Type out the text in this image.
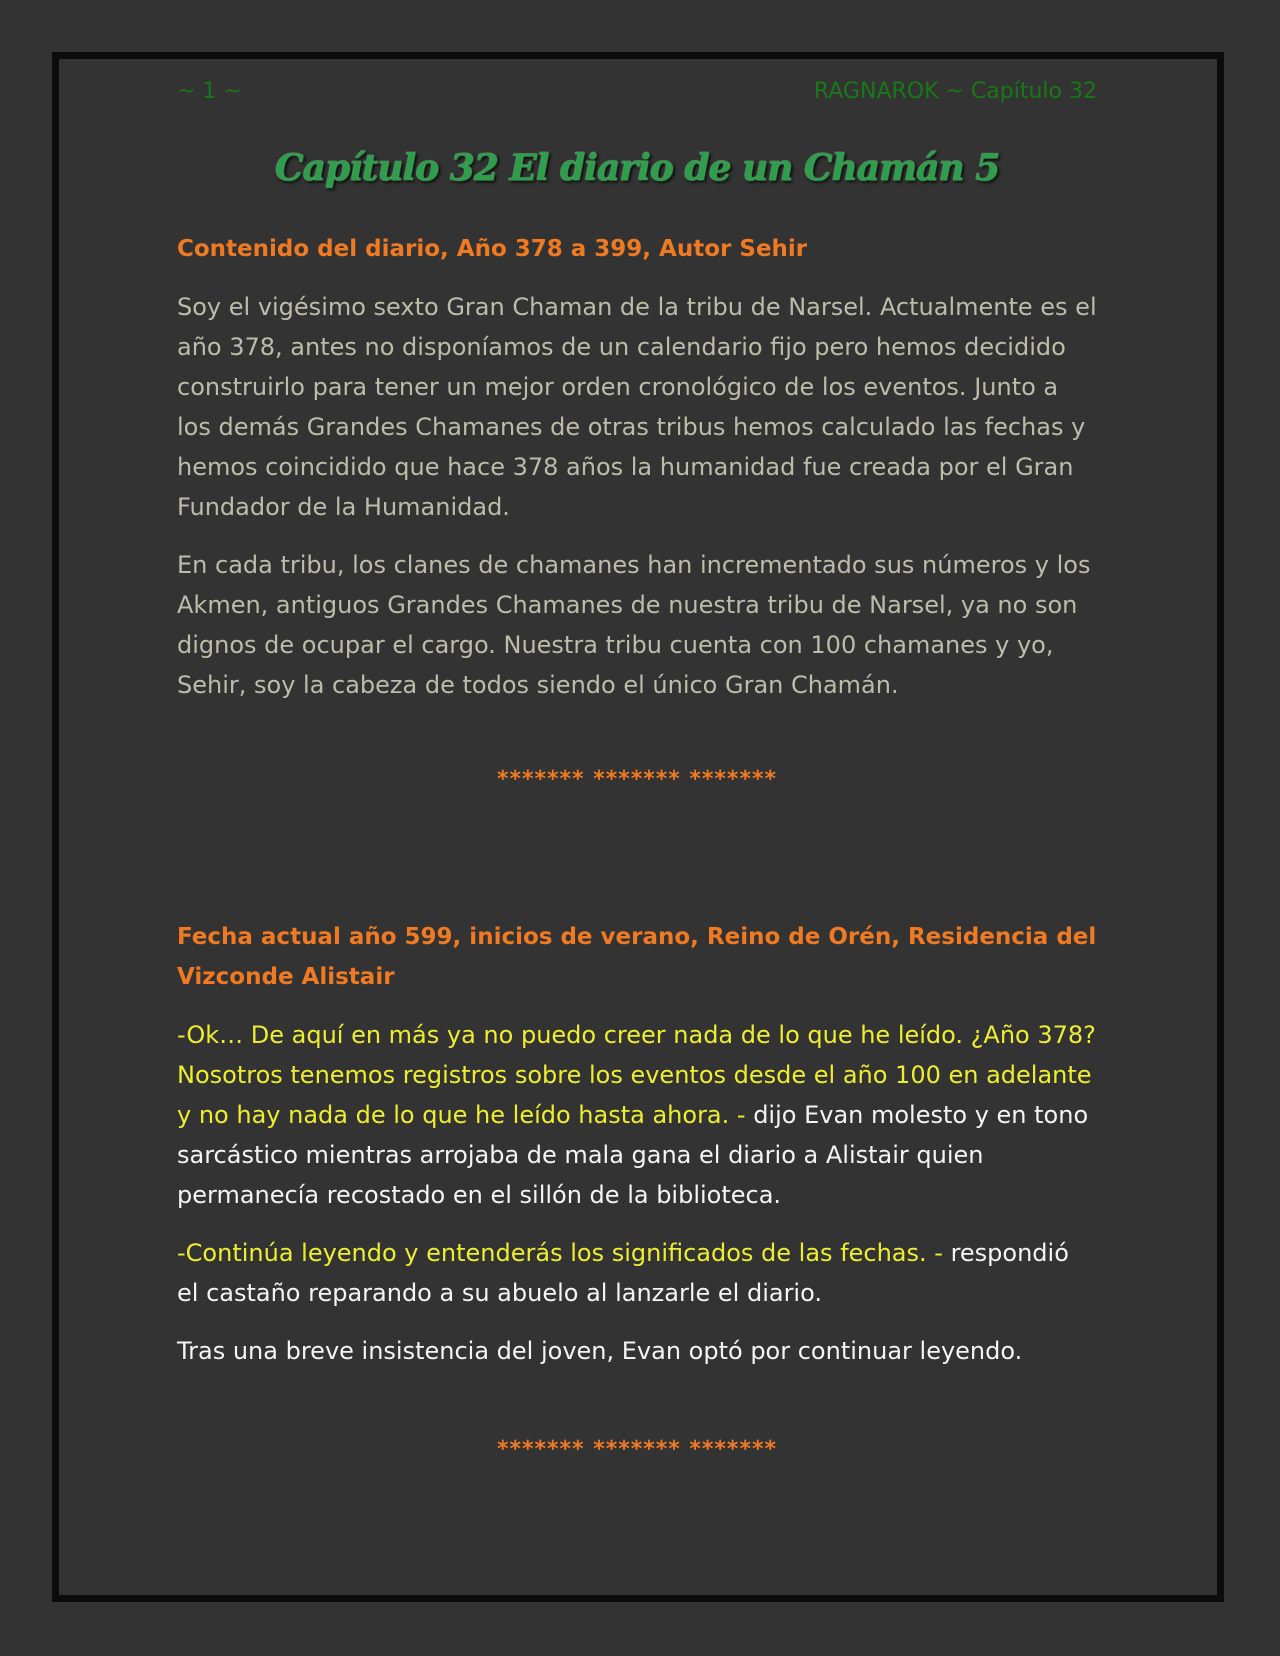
~ 1 ~	RAGNAROK ~ Capítulo 32
Capítulo 32 El diario de un Chamán 5

Contenido del diario, Año 378 a 399, Autor Sehir

Soy el vigésimo sexto Gran Chaman de la tribu de Narsel. Actualmente es el año 378, antes no disponíamos de un calendario fijo pero hemos decidido construirlo para tener un mejor orden cronológico de los eventos. Junto a los demás Grandes Chamanes de otras tribus hemos calculado las fechas y hemos coincidido que hace 378 años la humanidad fue creada por el Gran Fundador de la Humanidad.

En cada tribu, los clanes de chamanes han incrementado sus números y los Akmen, antiguos Grandes Chamanes de nuestra tribu de Narsel, ya no son dignos de ocupar el cargo. Nuestra tribu cuenta con 100 chamanes y yo, Sehir, soy la cabeza de todos siendo el único Gran Chamán.

******* ******* *******

Fecha actual año 599, inicios de verano, Reino de Orén, Residencia del Vizconde Alistair

-Ok… De aquí en más ya no puedo creer nada de lo que he leído. ¿Año 378? Nosotros tenemos registros sobre los eventos desde el año 100 en adelante y no hay nada de lo que he leído hasta ahora. - dijo Evan molesto y en tono sarcástico mientras arrojaba de mala gana el diario a Alistair quien permanecía recostado en el sillón de la biblioteca.

-Continúa leyendo y entenderás los significados de las fechas. - respondió el castaño reparando a su abuelo al lanzarle el diario.

Tras una breve insistencia del joven, Evan optó por continuar leyendo.

******* ******* *******
